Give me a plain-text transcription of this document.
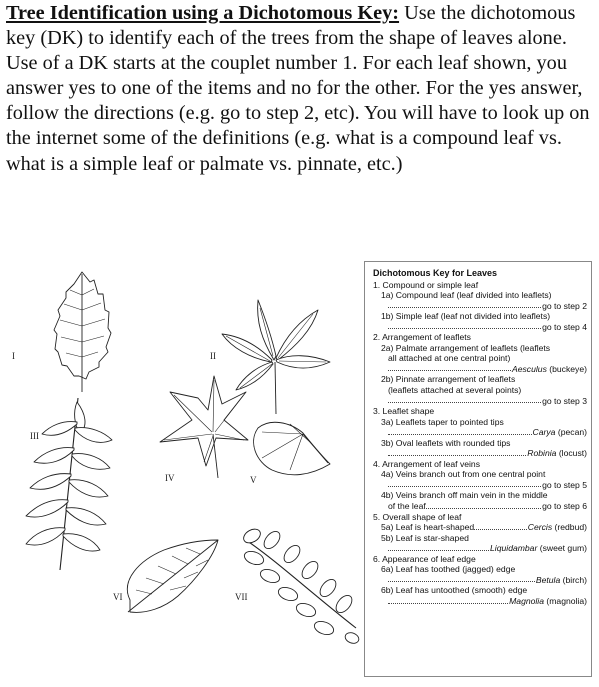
Tree Identification using a Dichotomous Key: Use the dichotomous key (DK) to identify each of the trees from the shape of leaves alone. Use of a DK starts at the couplet number 1. For each leaf shown, you answer yes to one of the items and no for the other. For the yes answer, follow the directions (e.g. go to step 2, etc). You will have to look up on the internet some of the definitions (e.g. what is a compound leaf vs. what is a simple leaf or palmate vs. pinnate, etc.)
I	II
III
IV	V
VI	VII
Dichotomous Key for Leaves
1. Compound or simple leaf
1a) Compound leaf (leaf divided into leaflets)
go to step 2
1b) Simple leaf (leaf not divided into leaflets)
go to step 4
2. Arrangement of leaflets
2a) Palmate arrangement of leaflets (leaflets
all attached at one central point)
Aesculus (buckeye)
2b) Pinnate arrangement of leaflets
(leaflets attached at several points)
go to step 3
3. Leaflet shape
3a) Leaflets taper to pointed tips
Carya (pecan)
3b) Oval leaflets with rounded tips
Robinia (locust)
4. Arrangement of leaf veins
4a) Veins branch out from one central point
go to step 5
4b) Veins branch off main vein in the middle
of the leaf	go to step 6
5. Overall shape of leaf
5a) Leaf is heart-shaped	Cercis (redbud)
5b) Leaf is star-shaped
Liquidambar (sweet gum)
6. Appearance of leaf edge
6a) Leaf has toothed (jagged) edge
Betula (birch)
6b) Leaf has untoothed (smooth) edge
Magnolia (magnolia)
